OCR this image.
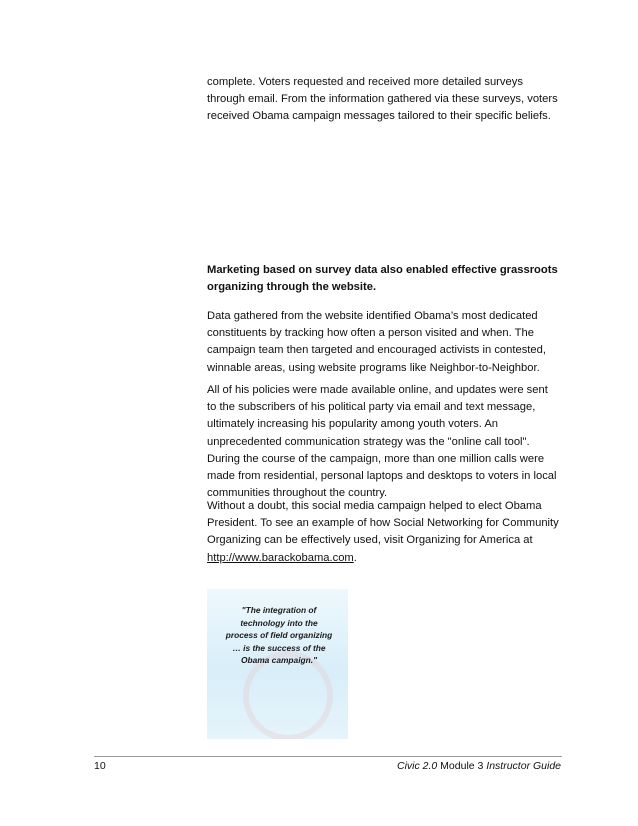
complete. Voters requested and received more detailed surveys through email. From the information gathered via these surveys, voters received Obama campaign messages tailored to their specific beliefs.

Marketing based on survey data also enabled effective grassroots organizing through the website.

Data gathered from the website identified Obama’s most dedicated constituents by tracking how often a person visited and when. The campaign team then targeted and encouraged activists in contested, winnable areas, using website programs like Neighbor-to-Neighbor.

All of his policies were made available online, and updates were sent to the subscribers of his political party via email and text message, ultimately increasing his popularity among youth voters. An unprecedented communication strategy was the "online call tool". During the course of the campaign, more than one million calls were made from residential, personal laptops and desktops to voters in local communities throughout the country.

Without a doubt, this social media campaign helped to elect Obama President. To see an example of how Social Networking for Community Organizing can be effectively used, visit Organizing for America at http://www.barackobama.com.

"The integration of technology into the process of field organizing … is the success of the Obama campaign."
10	Civic 2.0 Module 3 Instructor Guide
